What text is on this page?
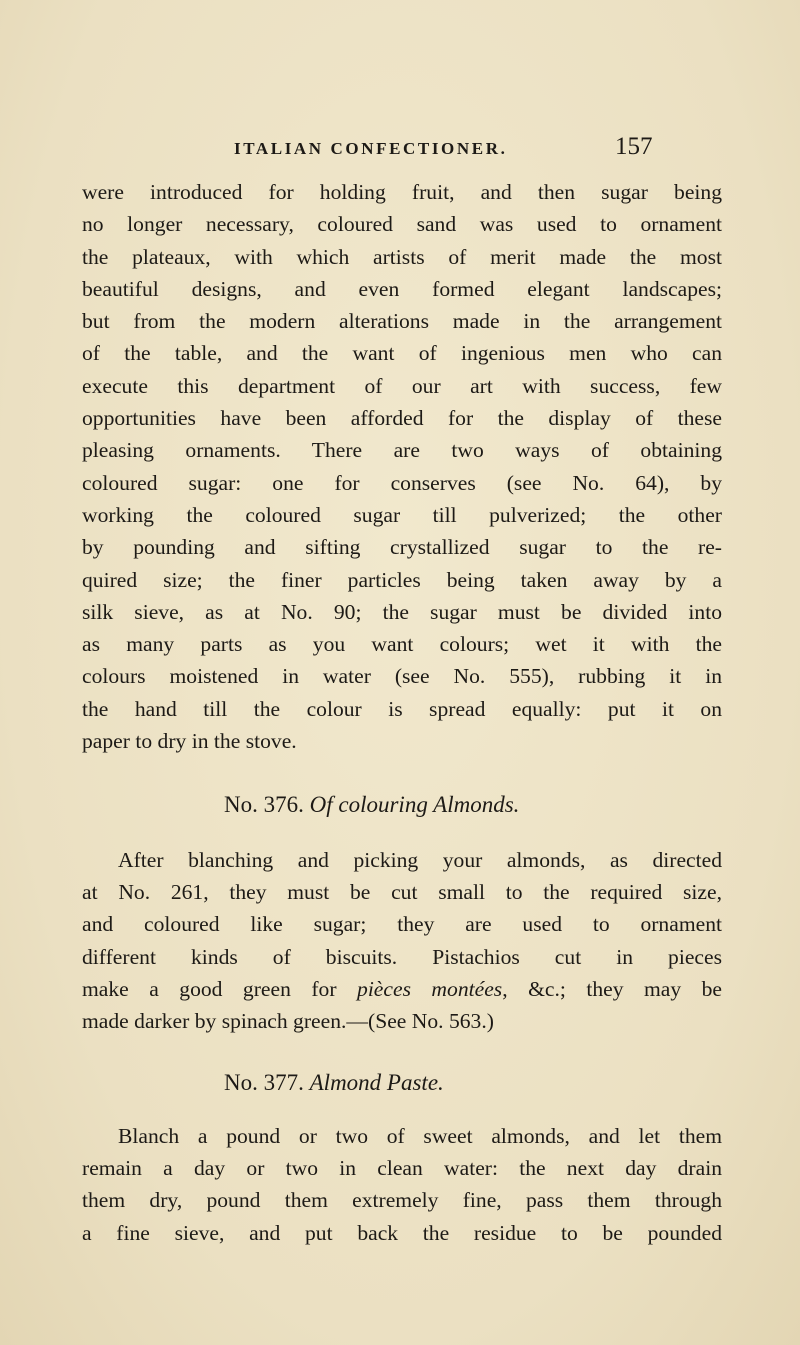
ITALIAN CONFECTIONER.	157
were introduced for holding fruit, and then sugar being
no longer necessary, coloured sand was used to ornament
the plateaux, with which artists of merit made the most
beautiful designs, and even formed elegant landscapes;
but from the modern alterations made in the arrangement
of the table, and the want of ingenious men who can
execute this department of our art with success, few
opportunities have been afforded for the display of these
pleasing ornaments. There are two ways of obtaining
coloured sugar: one for conserves (see No. 64), by
working the coloured sugar till pulverized; the other
by pounding and sifting crystallized sugar to the re-
quired size; the finer particles being taken away by a
silk sieve, as at No. 90; the sugar must be divided into
as many parts as you want colours; wet it with the
colours moistened in water (see No. 555), rubbing it in
the hand till the colour is spread equally: put it on
paper to dry in the stove.
No. 376. Of colouring Almonds.
After blanching and picking your almonds, as directed
at No. 261, they must be cut small to the required size,
and coloured like sugar; they are used to ornament
different kinds of biscuits. Pistachios cut in pieces
make a good green for pièces montées, &c.; they may be
made darker by spinach green.—(See No. 563.)
No. 377. Almond Paste.
Blanch a pound or two of sweet almonds, and let them
remain a day or two in clean water: the next day drain
them dry, pound them extremely fine, pass them through
a fine sieve, and put back the residue to be pounded
